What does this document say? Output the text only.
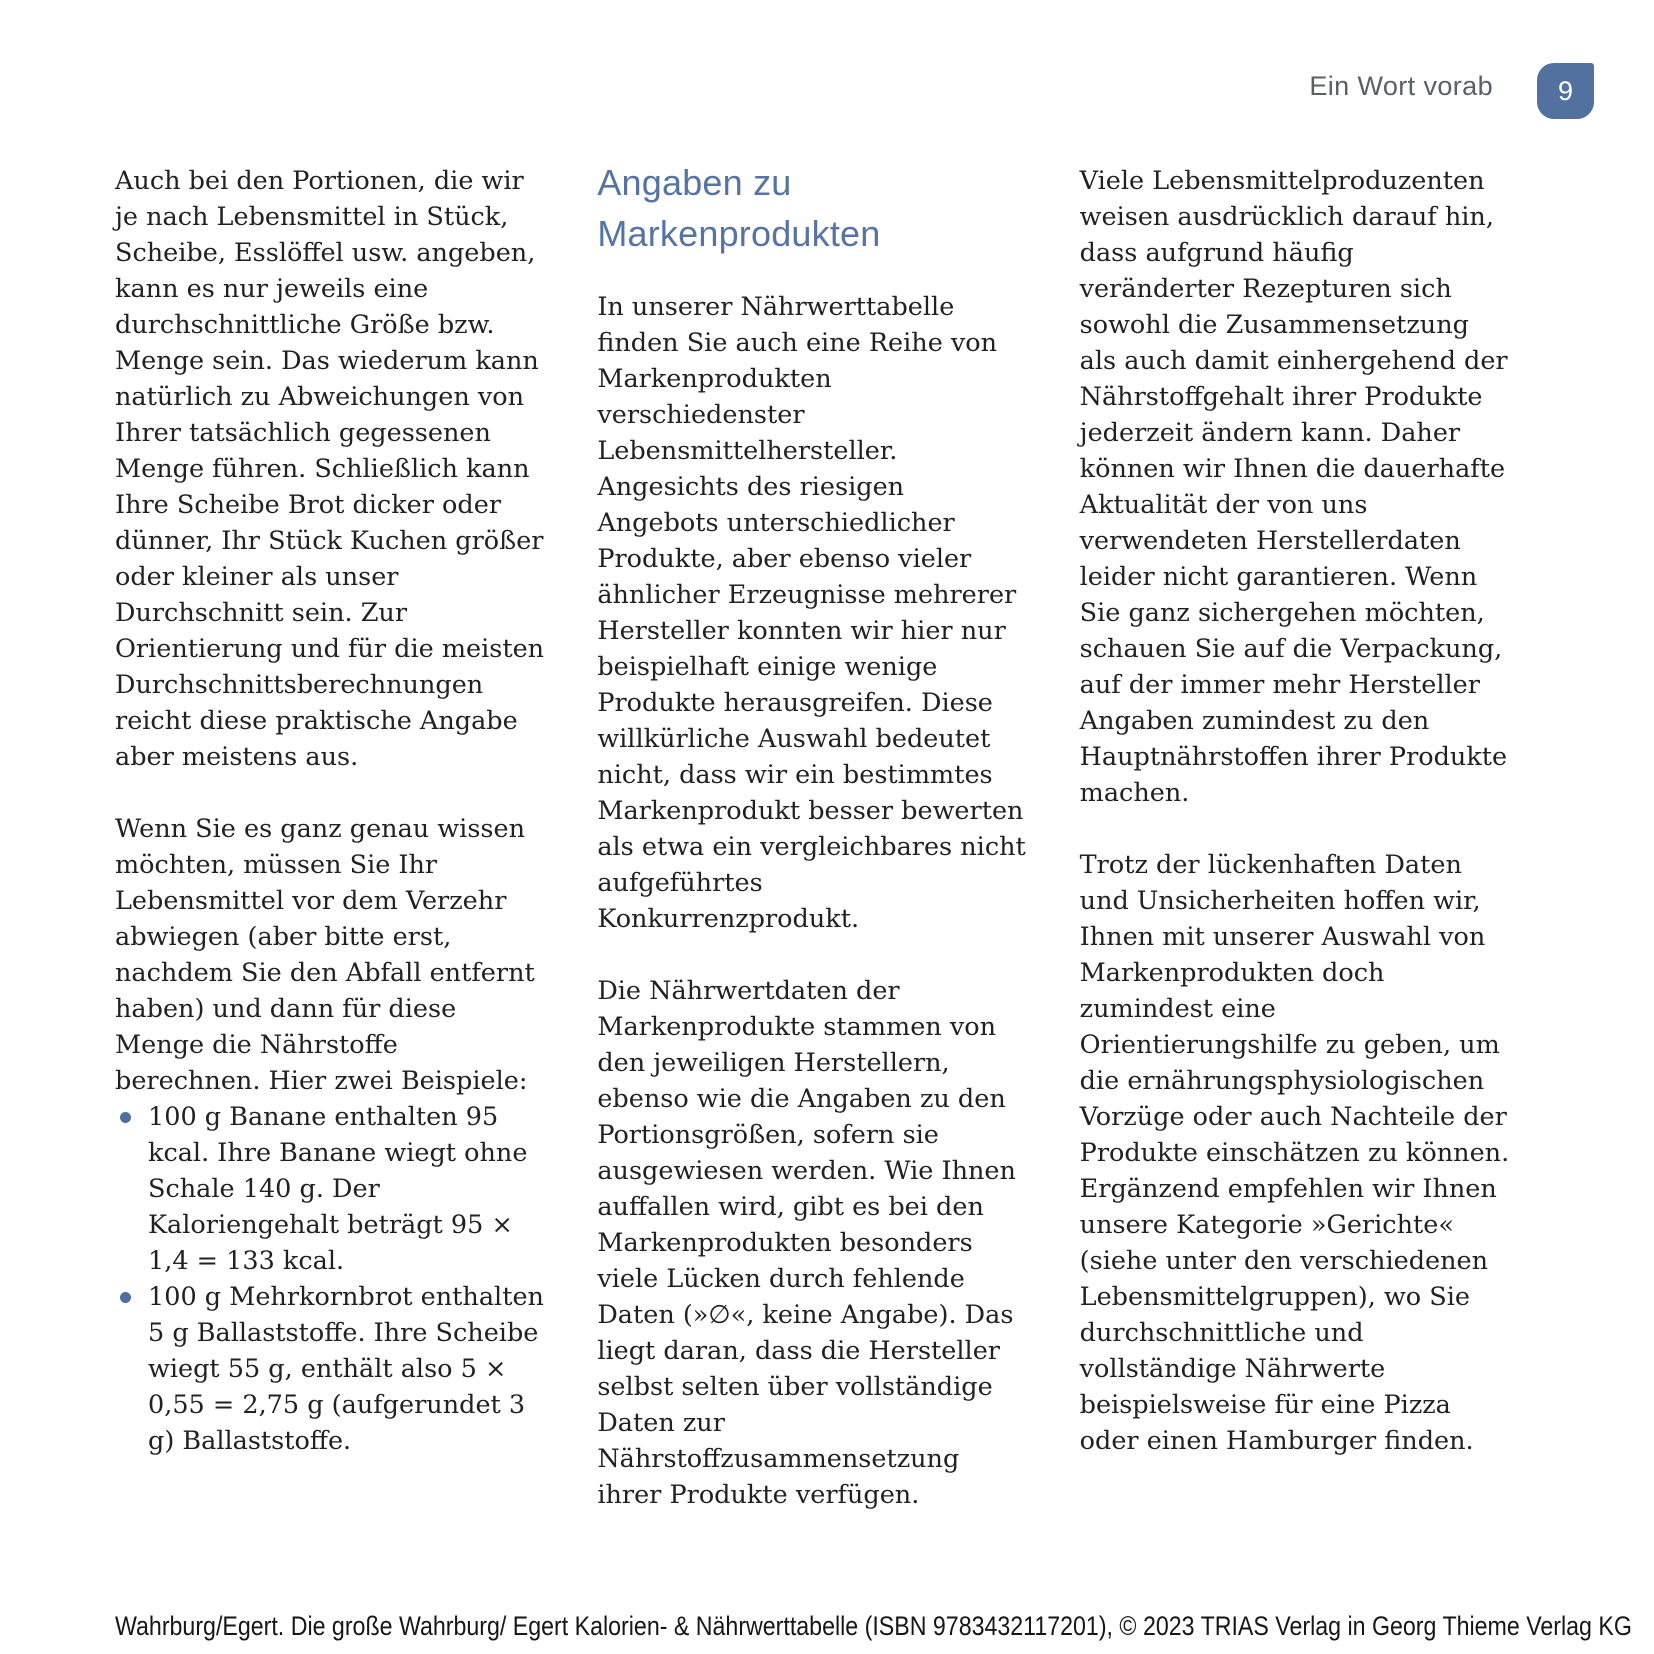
Ein Wort vorab 9

Auch bei den Portionen, die wir je nach Lebensmittel in Stück, Scheibe, Esslöffel usw. angeben, kann es nur jeweils eine durchschnittliche Größe bzw. Menge sein. Das wiederum kann natürlich zu Abweichungen von Ihrer tatsächlich gegessenen Menge führen. Schließlich kann Ihre Scheibe Brot dicker oder dünner, Ihr Stück Kuchen größer oder kleiner als unser Durchschnitt sein. Zur Orientierung und für die meisten Durchschnittsberechnungen reicht diese praktische Angabe aber meistens aus.

Wenn Sie es ganz genau wissen möchten, müssen Sie Ihr Lebensmittel vor dem Verzehr abwiegen (aber bitte erst, nachdem Sie den Abfall entfernt haben) und dann für diese Menge die Nährstoffe berechnen. Hier zwei Beispiele:

100 g Banane enthalten 95 kcal. Ihre Banane wiegt ohne Schale 140 g. Der Kaloriengehalt beträgt 95 × 1,4 = 133 kcal.
100 g Mehrkornbrot enthalten 5 g Ballaststoffe. Ihre Scheibe wiegt 55 g, enthält also 5 × 0,55 = 2,75 g (aufgerundet 3 g) Ballaststoffe.
Angaben zu Markenprodukten

In unserer Nährwerttabelle finden Sie auch eine Reihe von Markenprodukten verschiedenster Lebensmittelhersteller. Angesichts des riesigen Angebots unterschiedlicher Produkte, aber ebenso vieler ähnlicher Erzeugnisse mehrerer Hersteller konnten wir hier nur beispielhaft einige wenige Produkte herausgreifen. Diese willkürliche Auswahl bedeutet nicht, dass wir ein bestimmtes Markenprodukt besser bewerten als etwa ein vergleichbares nicht aufgeführtes Konkurrenzprodukt.

Die Nährwertdaten der Markenprodukte stammen von den jeweiligen Herstellern, ebenso wie die Angaben zu den Portionsgrößen, sofern sie ausgewiesen werden. Wie Ihnen auffallen wird, gibt es bei den Markenprodukten besonders viele Lücken durch fehlende Daten (»∅«, keine Angabe). Das liegt daran, dass die Hersteller selbst selten über vollständige Daten zur Nährstoffzusammensetzung ihrer Produkte verfügen.

Viele Lebensmittelproduzenten weisen ausdrücklich darauf hin, dass aufgrund häufig veränderter Rezepturen sich sowohl die Zusammensetzung als auch damit einhergehend der Nährstoffgehalt ihrer Produkte jederzeit ändern kann. Daher können wir Ihnen die dauerhafte Aktualität der von uns verwendeten Herstellerdaten leider nicht garantieren. Wenn Sie ganz sichergehen möchten, schauen Sie auf die Verpackung, auf der immer mehr Hersteller Angaben zumindest zu den Hauptnährstoffen ihrer Produkte machen.

Trotz der lückenhaften Daten und Unsicherheiten hoffen wir, Ihnen mit unserer Auswahl von Markenprodukten doch zumindest eine Orientierungshilfe zu geben, um die ernährungsphysiologischen Vorzüge oder auch Nachteile der Produkte einschätzen zu können. Ergänzend empfehlen wir Ihnen unsere Kategorie »Gerichte« (siehe unter den verschiedenen Lebensmittelgruppen), wo Sie durchschnittliche und vollständige Nährwerte beispielsweise für eine Pizza oder einen Hamburger finden.

Wahrburg/Egert. Die große Wahrburg/ Egert Kalorien- & Nährwerttabelle (ISBN 9783432117201), © 2023 TRIAS Verlag in Georg Thieme Verlag KG
